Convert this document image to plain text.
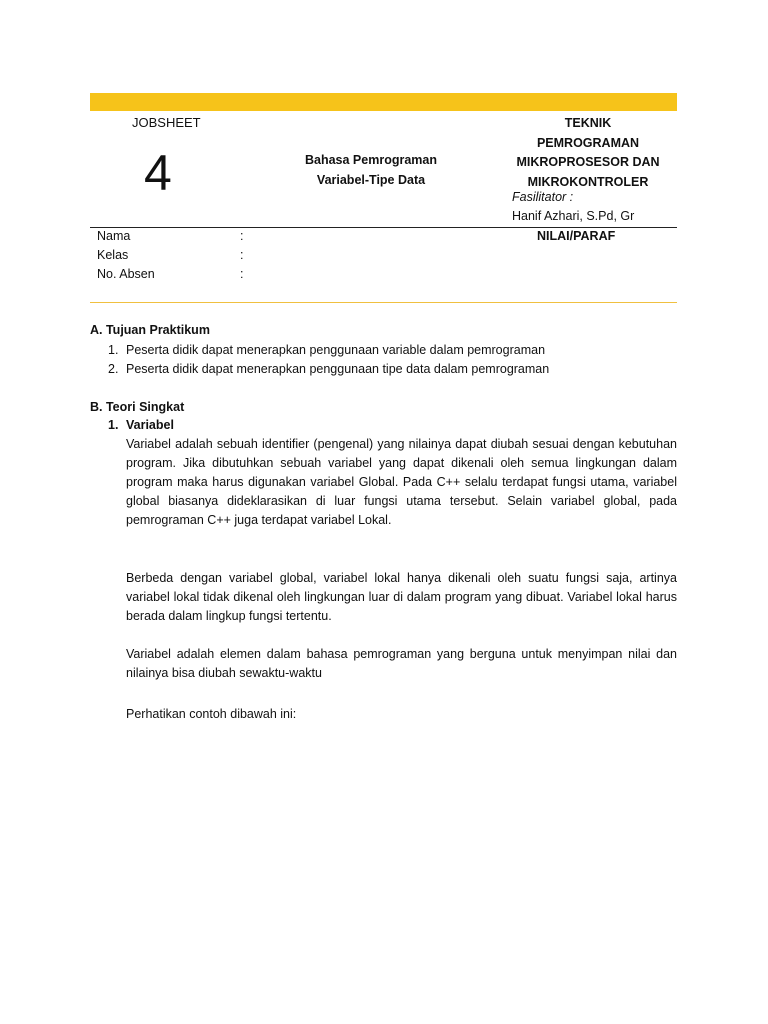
JOBSHEET
4	Bahasa Pemrograman
Variabel-Tipe Data
TEKNIK
PEMROGRAMAN
MIKROPROSESOR DAN
MIKROKONTROLER
Fasilitator :
Hanif Azhari, S.Pd, Gr
Nama	:
Kelas	:
No. Absen	:
NILAI/PARAF
A. Tujuan Praktikum
1. Peserta didik dapat menerapkan penggunaan variable dalam pemrograman
2. Peserta didik dapat menerapkan penggunaan tipe data dalam pemrograman
B. Teori Singkat
1. Variabel
Variabel adalah sebuah identifier (pengenal) yang nilainya dapat diubah sesuai dengan kebutuhan program. Jika dibutuhkan sebuah variabel yang dapat dikenali oleh semua lingkungan dalam program maka harus digunakan variabel Global. Pada C++ selalu terdapat fungsi utama, variabel global biasanya dideklarasikan di luar fungsi utama tersebut. Selain variabel global, pada pemrograman C++ juga terdapat variabel Lokal.
Berbeda dengan variabel global, variabel lokal hanya dikenali oleh suatu fungsi saja, artinya variabel lokal tidak dikenal oleh lingkungan luar di dalam program yang dibuat. Variabel lokal harus berada dalam lingkup fungsi tertentu.
Variabel adalah elemen dalam bahasa pemrograman yang berguna untuk menyimpan nilai dan nilainya bisa diubah sewaktu-waktu
Perhatikan contoh dibawah ini:
